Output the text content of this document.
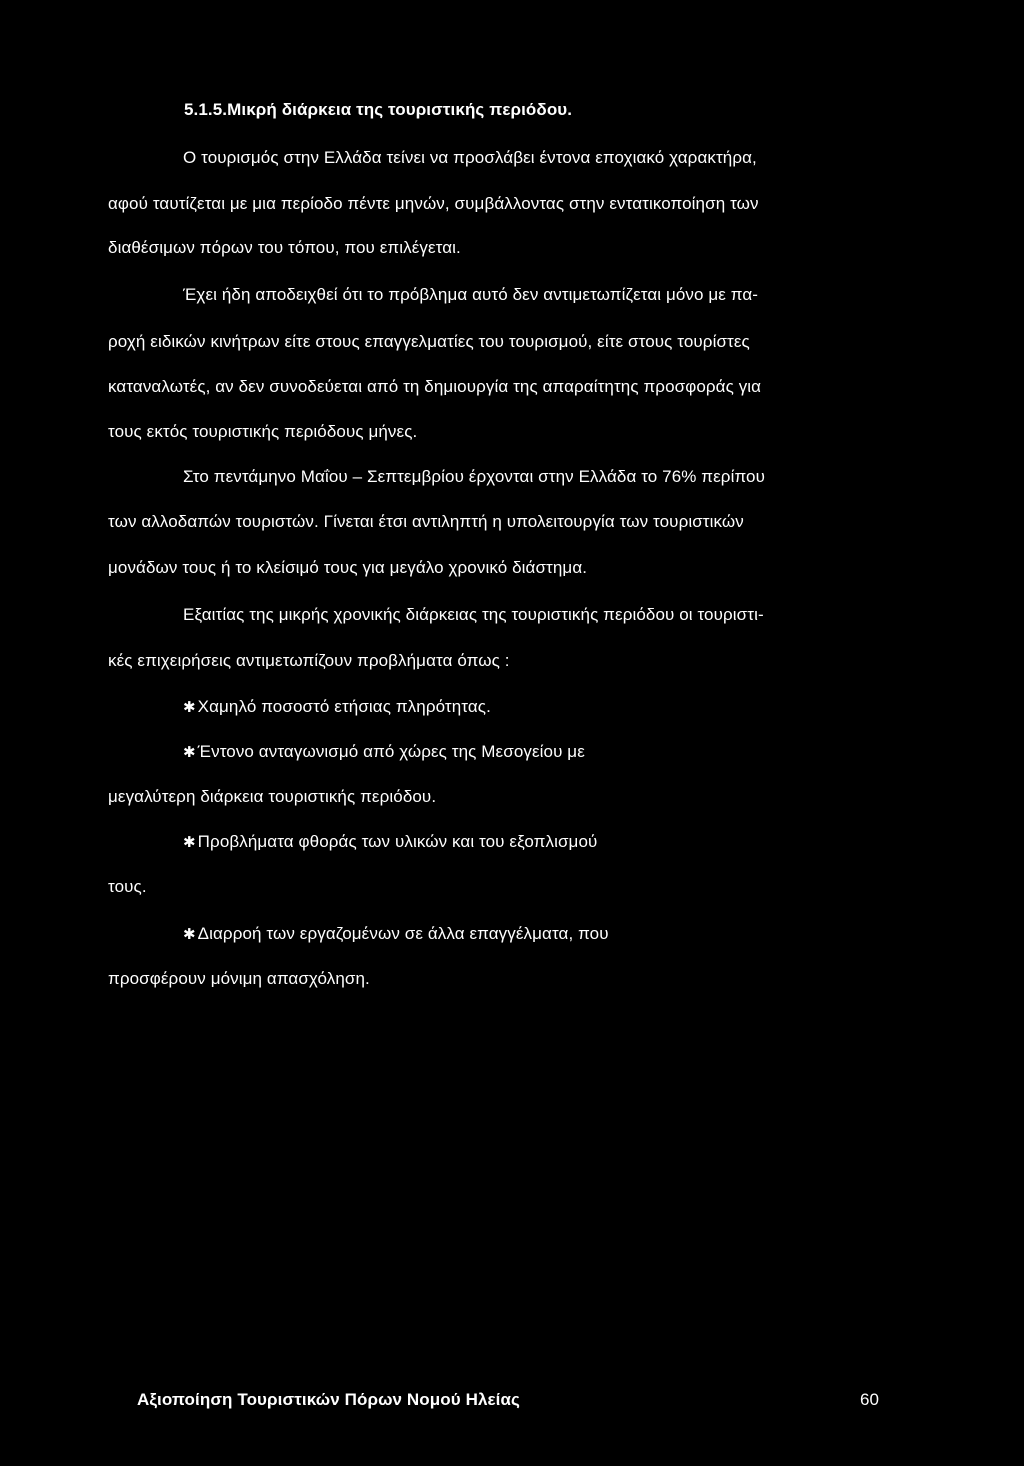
5.1.5.Μικρή διάρκεια της τουριστικής περιόδου.
Ο τουρισμός στην Ελλάδα τείνει να προσλάβει έντονα εποχιακό χαρακτήρα,
αφού ταυτίζεται με μια περίοδο πέντε μηνών, συμβάλλοντας στην εντατικοποίηση των
διαθέσιμων πόρων του τόπου, που επιλέγεται.
Έχει ήδη αποδειχθεί ότι το πρόβλημα αυτό δεν αντιμετωπίζεται μόνο με πα-
ροχή ειδικών κινήτρων είτε στους επαγγελματίες του τουρισμού, είτε στους τουρίστες
καταναλωτές, αν δεν συνοδεύεται από τη δημιουργία της απαραίτητης προσφοράς για
τους εκτός τουριστικής περιόδους μήνες.
Στο πεντάμηνο Μαΐου – Σεπτεμβρίου έρχονται στην Ελλάδα το 76% περίπου
των αλλοδαπών τουριστών. Γίνεται έτσι αντιληπτή η υπολειτουργία των τουριστικών
μονάδων τους ή το κλείσιμό τους για μεγάλο χρονικό διάστημα.
Εξαιτίας της μικρής χρονικής διάρκειας της τουριστικής περιόδου οι τουριστι-
κές επιχειρήσεις αντιμετωπίζουν προβλήματα όπως :
✱ Χαμηλό ποσοστό ετήσιας πληρότητας.
✱ Έντονο ανταγωνισμό από χώρες της Μεσογείου με
μεγαλύτερη διάρκεια τουριστικής περιόδου.
✱ Προβλήματα φθοράς των υλικών και του εξοπλισμού
τους.
✱ Διαρροή των εργαζομένων σε άλλα επαγγέλματα, που
προσφέρουν μόνιμη απασχόληση.
Αξιοποίηση Τουριστικών Πόρων Νομού Ηλείας	60
